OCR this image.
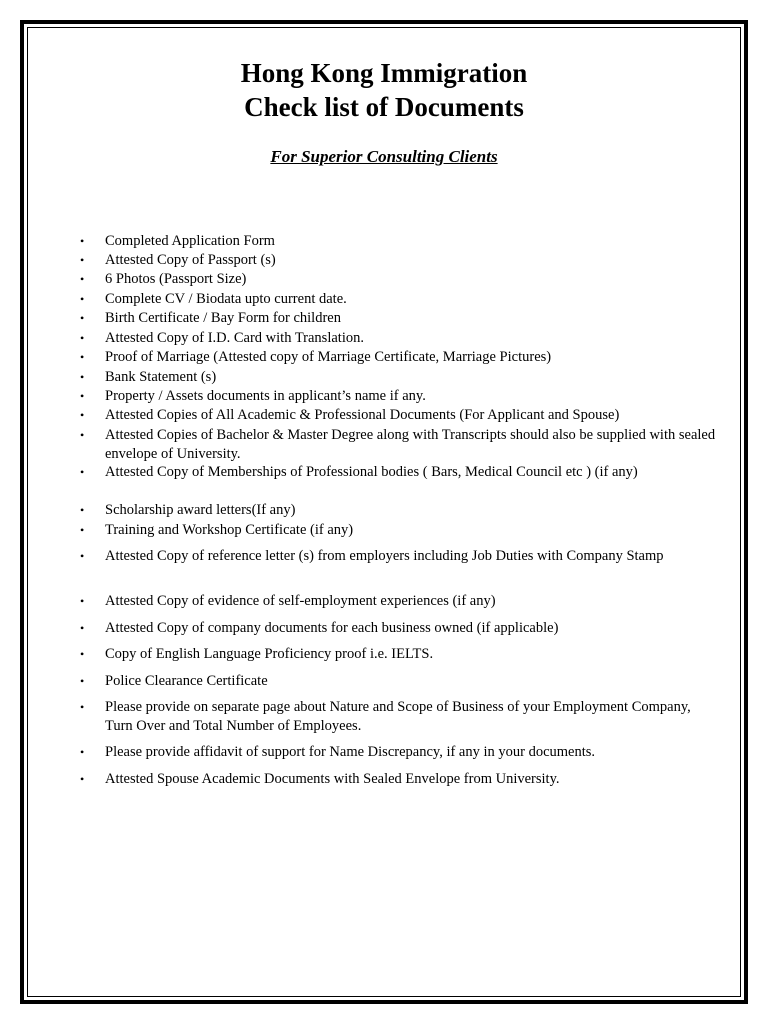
Hong Kong Immigration
Check list of Documents
For Superior Consulting Clients
• Completed Application Form
• Attested Copy of Passport (s)
• 6 Photos (Passport Size)
• Complete CV / Biodata upto current date.
• Birth Certificate / Bay Form for children
• Attested Copy of I.D. Card with Translation.
• Proof of Marriage (Attested copy of Marriage Certificate, Marriage Pictures)
• Bank Statement (s)
• Property / Assets documents in applicant’s name if any.
• Attested Copies of All Academic & Professional Documents (For Applicant and Spouse)
• Attested Copies of Bachelor & Master Degree along with Transcripts should also be supplied with sealed envelope of University.
• Attested Copy of Memberships of Professional bodies ( Bars, Medical Council etc ) (if any)
• Scholarship award letters(If any)
• Training and Workshop Certificate (if any)
• Attested Copy of reference letter (s) from employers including Job Duties with Company Stamp
• Attested Copy of evidence of self-employment experiences (if any)
• Attested Copy of company documents for each business owned (if applicable)
• Copy of English Language Proficiency proof i.e. IELTS.
• Police Clearance Certificate
• Please provide on separate page about Nature and Scope of Business of your Employment Company, Turn Over and Total Number of Employees.
• Please provide affidavit of support for Name Discrepancy, if any in your documents.
• Attested Spouse Academic Documents with Sealed Envelope from University.
